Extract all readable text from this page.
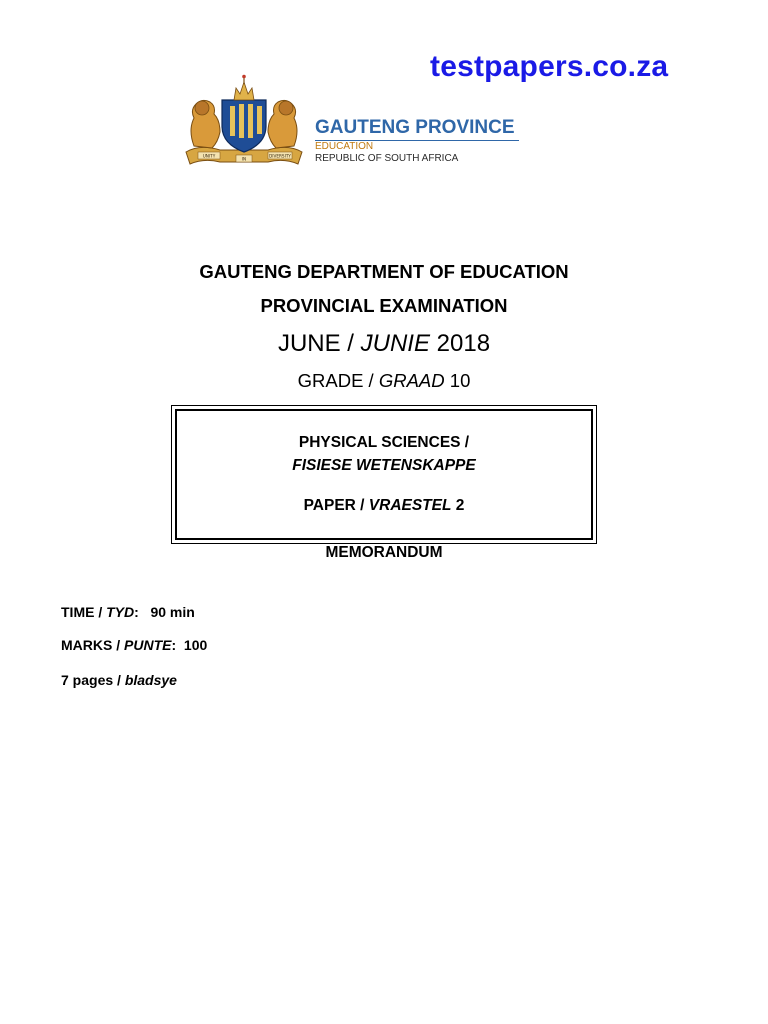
testpapers.co.za
UNITY
IN
DIVERSITY
GAUTENG PROVINCE
EDUCATION
REPUBLIC OF SOUTH AFRICA
GAUTENG DEPARTMENT OF EDUCATION
PROVINCIAL EXAMINATION
JUNE / JUNIE 2018
GRADE / GRAAD 10
PHYSICAL SCIENCES /
FISIESE WETENSKAPPE
PAPER / VRAESTEL 2
MEMORANDUM
TIME / TYD:   90 min
MARKS / PUNTE:  100
7 pages / bladsye
